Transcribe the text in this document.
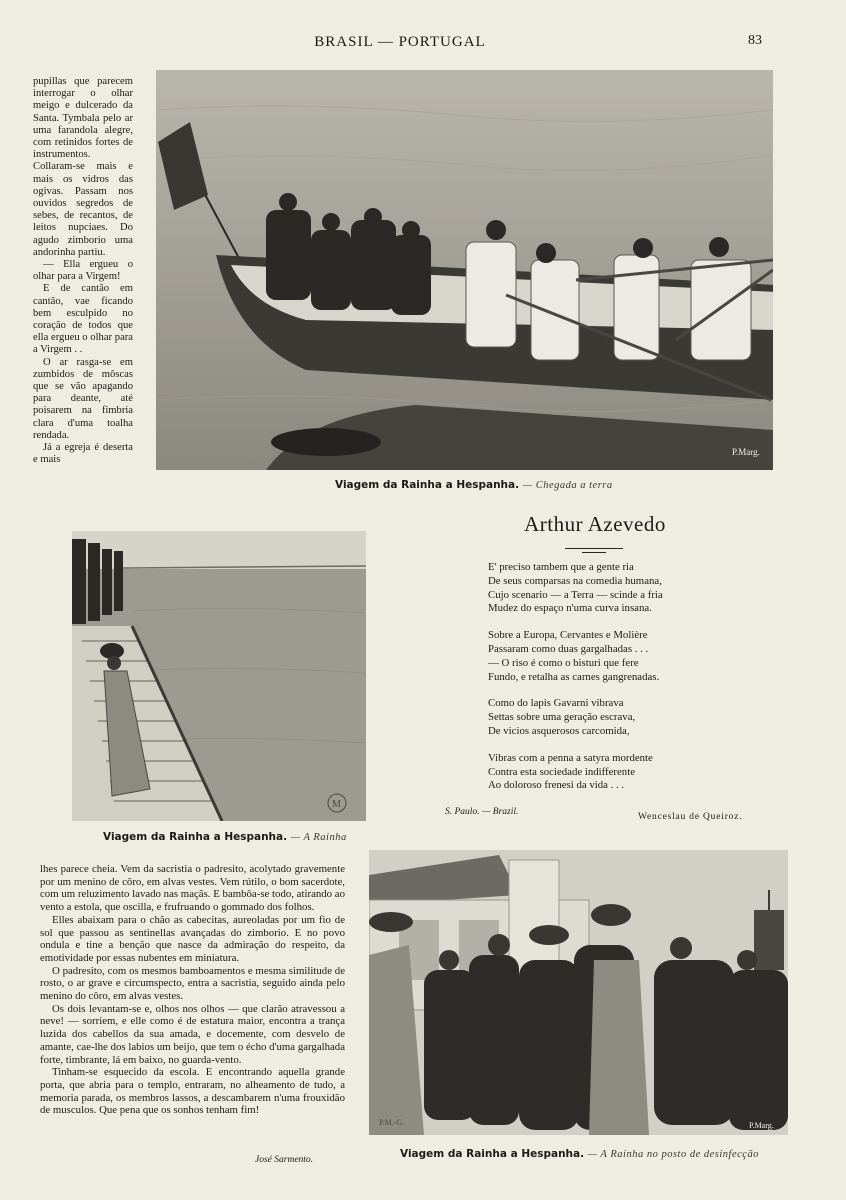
BRASIL — PORTUGAL	83

pupillas que parecem interrogar o olhar meigo e dulcerado da Santa. Tymbala pelo ar uma farandola alegre, com retinidos fortes de instrumentos. Collaram-se mais e mais os vidros das ogivas. Passam nos ouvidos segredos de sebes, de recantos, de leitos nupciaes. Do agudo zimborio uma andorinha partiu.

— Ella ergueu o olhar para a Virgem!

E de cantão em cantão, vae ficando bem esculpido no coração de todos que ella ergueu o olhar para a Virgem . .

O ar rasga-se em zumbidos de môscas que se vão apagando para deante, até poisarem na fimbria clara d'uma toalha rendada.

Já a egreja é deserta e mais

P.Marg.
Viagem da Rainha a Hespanha. — Chegada a terra
M
Viagem da Rainha a Hespanha. — A Rainha
Arthur Azevedo
E' preciso tambem que a gente ria
De seus comparsas na comedia humana,
Cujo scenario — a Terra — scinde a fria
Mudez do espaço n'uma curva insana.
Sobre a Europa, Cervantes e Molière
Passaram como duas gargalhadas . . .
— O riso é como o bisturi que fere
Fundo, e retalha as carnes gangrenadas.
Como do lapis Gavarni vibrava
Settas sobre uma geração escrava,
De vicios asquerosos carcomida,
Vibras com a penna a satyra mordente
Contra esta sociedade indifferente
Ao doloroso frenesi da vida . . .
S. Paulo. — Brazil.	Wenceslau de Queiroz.

lhes parece cheia. Vem da sacristia o padresito, acolytado gravemente por um menino de côro, em alvas vestes. Vem rútilo, o bom sacerdote, com um reluzimento lavado nas maçãs. E bambôa-se todo, atirando ao vento a estola, que oscilla, e frufruando o gommado dos folhos.

Elles abaixam para o chão as cabecitas, aureoladas por um fio de sol que passou as sentinellas avançadas do zimborio. E no povo ondula e tine a benção que nasce da admiração do respeito, da emotividade por essas nubentes em miniatura.

O padresito, com os mesmos bamboamentos e mesma similitude de rosto, o ar grave e circumspecto, entra a sacristia, seguido ainda pelo menino do côro, em alvas vestes.

Os dois levantam-se e, olhos nos olhos — que clarão atravessou a neve! — sorriem, e elle como é de estatura maior, encontra a trança luzida dos cabellos da sua amada, e docemente, com desvelo de amante, cae-lhe dos labios um beijo, que tem o écho d'uma gargalhada forte, timbrante, lá em baixo, no guarda-vento.

Tinham-se esquecido da escola. E encontrando aquella grande porta, que abria para o templo, entraram, no alheamento de tudo, a memoria parada, os membros lassos, a descambarem n'uma frouxidão de musculos. Que pena que os sonhos tenham fim!

José Sarmento.
P.M.-G.	P.Marg.
Viagem da Rainha a Hespanha. — A Rainha no posto de desinfecção
